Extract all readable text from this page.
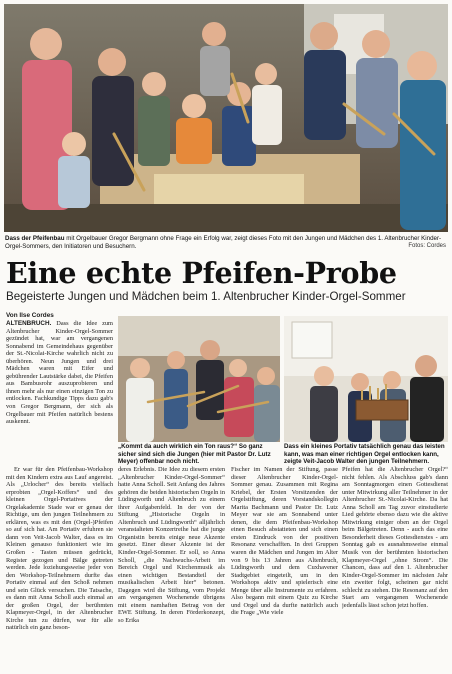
Dass der Pfeifenbau mit Orgelbauer Gregor Bergmann ohne Frage ein Erfolg war, zeigt dieses Foto mit den Jungen und Mädchen des 1. Altenbrucher Kinder-Orgel-Sommers, den Initiatoren und Besuchern.	Fotos: Cordes
Eine echte Pfeifen-Probe
Begeisterte Jungen und Mädchen beim 1. Altenbrucher Kinder-Orgel-Sommer
Von Ilse Cordes
ALTENBRUCH. Dass die Idee zum Altenbrucher Kinder-Orgel-Sommer gezündet hat, war am vergangenen Sonnabend im Gemeindehaus gegenüber der St.-Nicolai-Kirche wahrlich nicht zu überhören. Neun Jungen und drei Mädchen waren mit Eifer und gebührender Lautstärke dabei, die Pfeifen aus Bambusrohr auszuprobieren und ihnen mehr als nur einen einzigen Ton zu entlocken. Fachkundige Tipps dazu gab's von Gregor Bergmann, der sich als Orgelbauer mit Pfeifen natürlich bestens auskennt.
„Kommt da auch wirklich ein Ton raus?“ So ganz sicher sind sich die Jungen (hier mit Pastor Dr. Lutz Meyer) offenbar noch nicht.
Dass ein kleines Portativ tatsächlich genau das leisten kann, was man einer richtigen Orgel entlocken kann, zeigte Veit-Jacob Walter den jungen Teilnehmern.
Er war für den Pfeifenbau-Workshop mit den Kindern extra aus Lauf angereist. Als „Urlocher“ des bereits vielfach erprobten „Orgel-Koffers“ und des kleinen Orgel-Portatives der Orgelakademie Stade war er genau der Richtige, um den jungen Teilnehmern zu erklären, was es mit den (Orgel-)Pfeifen so auf sich hat. Am Portativ erfuhren sie dann von Veit-Jacob Walter, dass es im Kleinen genauso funktioniert wie im Großen - Tasten müssen gedrückt, Register gezogen und Bälge getreten werden. Jede loziehungsweise jeder von den Workshop-Teilnehmern durfte das Portativ einmal auf den Schoß nehmen und sein Glück versuchen. Die Tatsache, es dann mit Anna Scholl auch einmal an der großen Orgel, der berühmten Klapmeyer-Orgel, in der Altenbrucher Kirche tun zu dürfen, war für alle natürlich ein ganz beson-
deres Erlebnis. Die Idee zu diesem ersten „Altenbrucher Kinder-Orgel-Sommer“ hatte Anna Scholl. Seit Anfang des Jahres gehören die beiden historischen Orgeln in Lüdingworth und Altenbruch zu einem ihrer Aufgabenfeld. In der von der Stiftung „Historische Orgeln in Altenbruch und Lüdingworth“ alljährlich veranstalteten Konzertreihe hat die junge Organistin bereits einige neue Akzente gesetzt. Einer dieser Akzente ist der Kinder-Orgel-Sommer. Er soll, so Anna Scholl, „die Nachwuchs-Arbeit im Bereich Orgel und Kirchenmusik als einen wichtigen Bestandteil der musikalischen Arbeit hier“ betonen. Dagegen wird die Stiftung, vom Projekt am vergangenen Wochenende übrigens mit einem namhaften Betrag von der EWE Stiftung. In deren Förderkonzept, so Erika
Fischer im Namen der Stiftung, passe dieser Altenbrucher Kinder-Orgel-Sommer genau. Zusammen mit Regina Kriebel, der Ersten Vorsitzenden der Orgelstiftung, deren Vorstandskollegin Marita Bachmann und Pastor Dr. Lutz Meyer war sie am Sonnabend unter denen, die dem Pfeifenbau-Workshop einen Besuch abstatteten und sich einen ersten Eindruck von der positiven Resonanz verschafften. In drei Gruppen waren die Mädchen und Jungen im Alter von 9 bis 13 Jahren aus Altenbruch, Lüdingworth und dem Cuxhavener Stadtgebiet eingeteilt, um in den Workshops aktiv und spielerisch eine Menge über alle Instrumente zu erfahren. Also begann mit einem Quiz zu Kirche und Orgel und da durfte natürlich auch die Frage „Wie viele
Pfeifen hat die Altenbrucher Orgel?“ nicht fehlen. Als Abschluss gab's dann am Sonntagmorgen einen Gottesdienst unter Mitwirkung aller Teilnehmer in der Altenbrucher St.-Nicolai-Kirche. Da hat Anna Scholl am Tag zuvor einstudierte Lied gehörte ebenso dazu wie die aktive Mitwirkung einiger oben an der Orgel beim Bälgetreten. Denn - auch das eine Besonderheit dieses Gottesdienstes - am Sonntag gab es ausnahmsweise einmal Musik von der berühmten historischen Klapmeyer-Orgel „ohne Strom“. Die Chancen, dass auf den 1. Altenbrucher Kinder-Orgel-Sommer im nächsten Jahr ein zweiter folgt, scheinen gar nicht schlecht zu stehen. Die Resonanz auf den Start am vergangenen Wochenende jedenfalls lässt schon jetzt hoffen.
